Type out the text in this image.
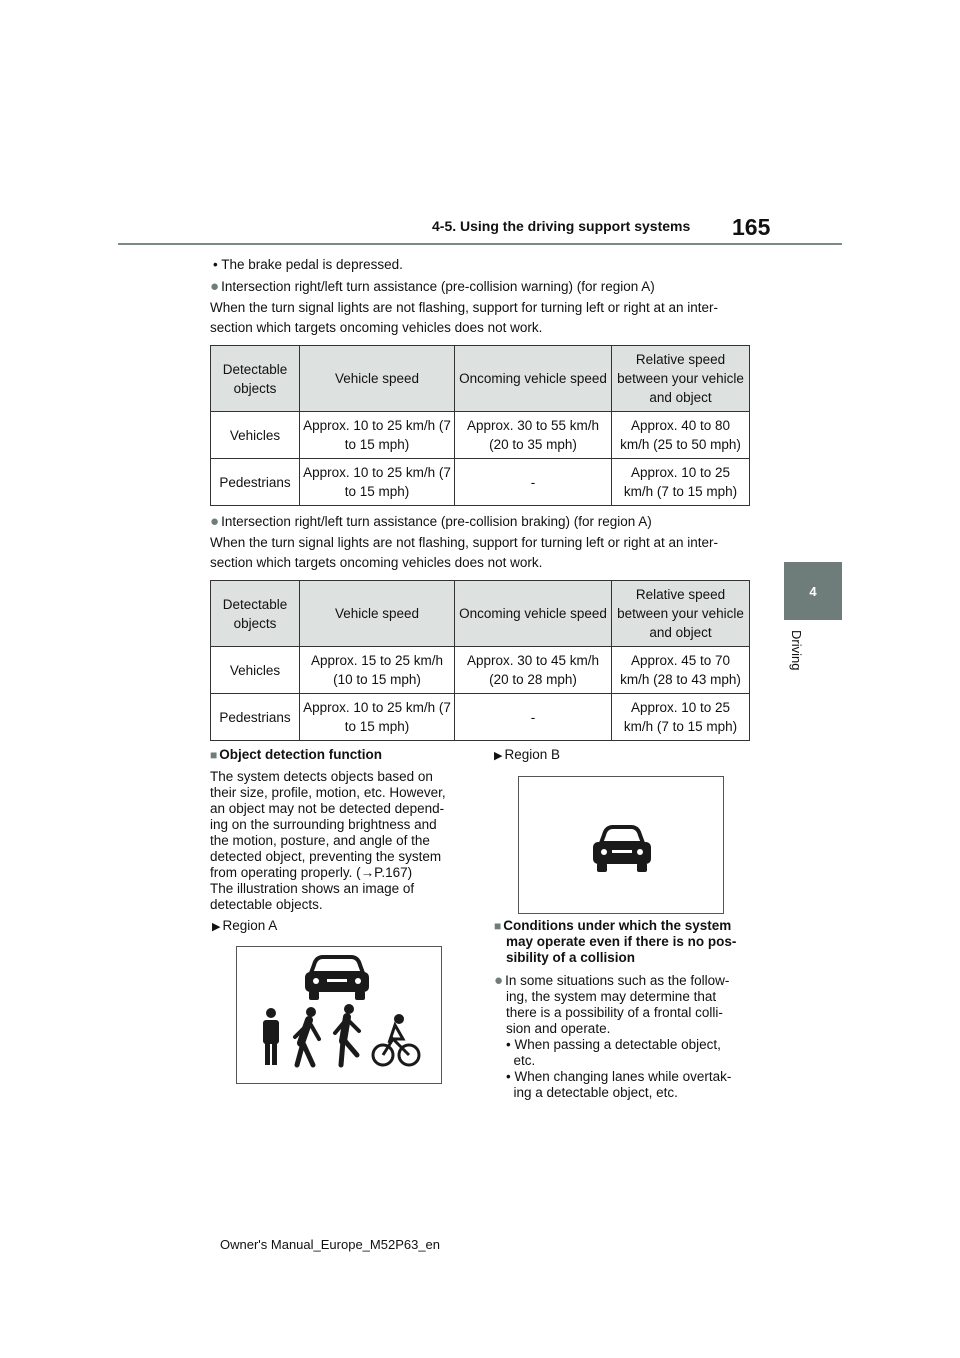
4-5. Using the driving support systems 165
4
Driving
• The brake pedal is depressed.
● Intersection right/left turn assistance (pre-collision warning) (for region A)
When the turn signal lights are not flashing, support for turning left or right at an inter-
section which targets oncoming vehicles does not work.
Detectable objects	Vehicle speed	Oncoming vehicle speed	Relative speed between your vehicle and object
Vehicles	Approx. 10 to 25 km/h (7 to 15 mph)	Approx. 30 to 55 km/h (20 to 35 mph)	Approx. 40 to 80 km/h (25 to 50 mph)
Pedestrians	Approx. 10 to 25 km/h (7 to 15 mph)	-	Approx. 10 to 25 km/h (7 to 15 mph)
● Intersection right/left turn assistance (pre-collision braking) (for region A)
When the turn signal lights are not flashing, support for turning left or right at an inter-
section which targets oncoming vehicles does not work.
Detectable objects	Vehicle speed	Oncoming vehicle speed	Relative speed between your vehicle and object
Vehicles	Approx. 15 to 25 km/h (10 to 15 mph)	Approx. 30 to 45 km/h (20 to 28 mph)	Approx. 45 to 70 km/h (28 to 43 mph)
Pedestrians	Approx. 10 to 25 km/h (7 to 15 mph)	-	Approx. 10 to 25 km/h (7 to 15 mph)
■ Object detection function
The system detects objects based on
their size, profile, motion, etc. However,
an object may not be detected depend-
ing on the surrounding brightness and
the motion, posture, and angle of the
detected object, preventing the system
from operating properly. (→P.167)
The illustration shows an image of
detectable objects.
▶ Region A
▶ Region B
■ Conditions under which the system
may operate even if there is no pos-
sibility of a collision
● In some situations such as the follow-
ing, the system may determine that
there is a possibility of a frontal colli-
sion and operate.
• When passing a detectable object,
etc.
• When changing lanes while overtak-
ing a detectable object, etc.
Owner's Manual_Europe_M52P63_en
